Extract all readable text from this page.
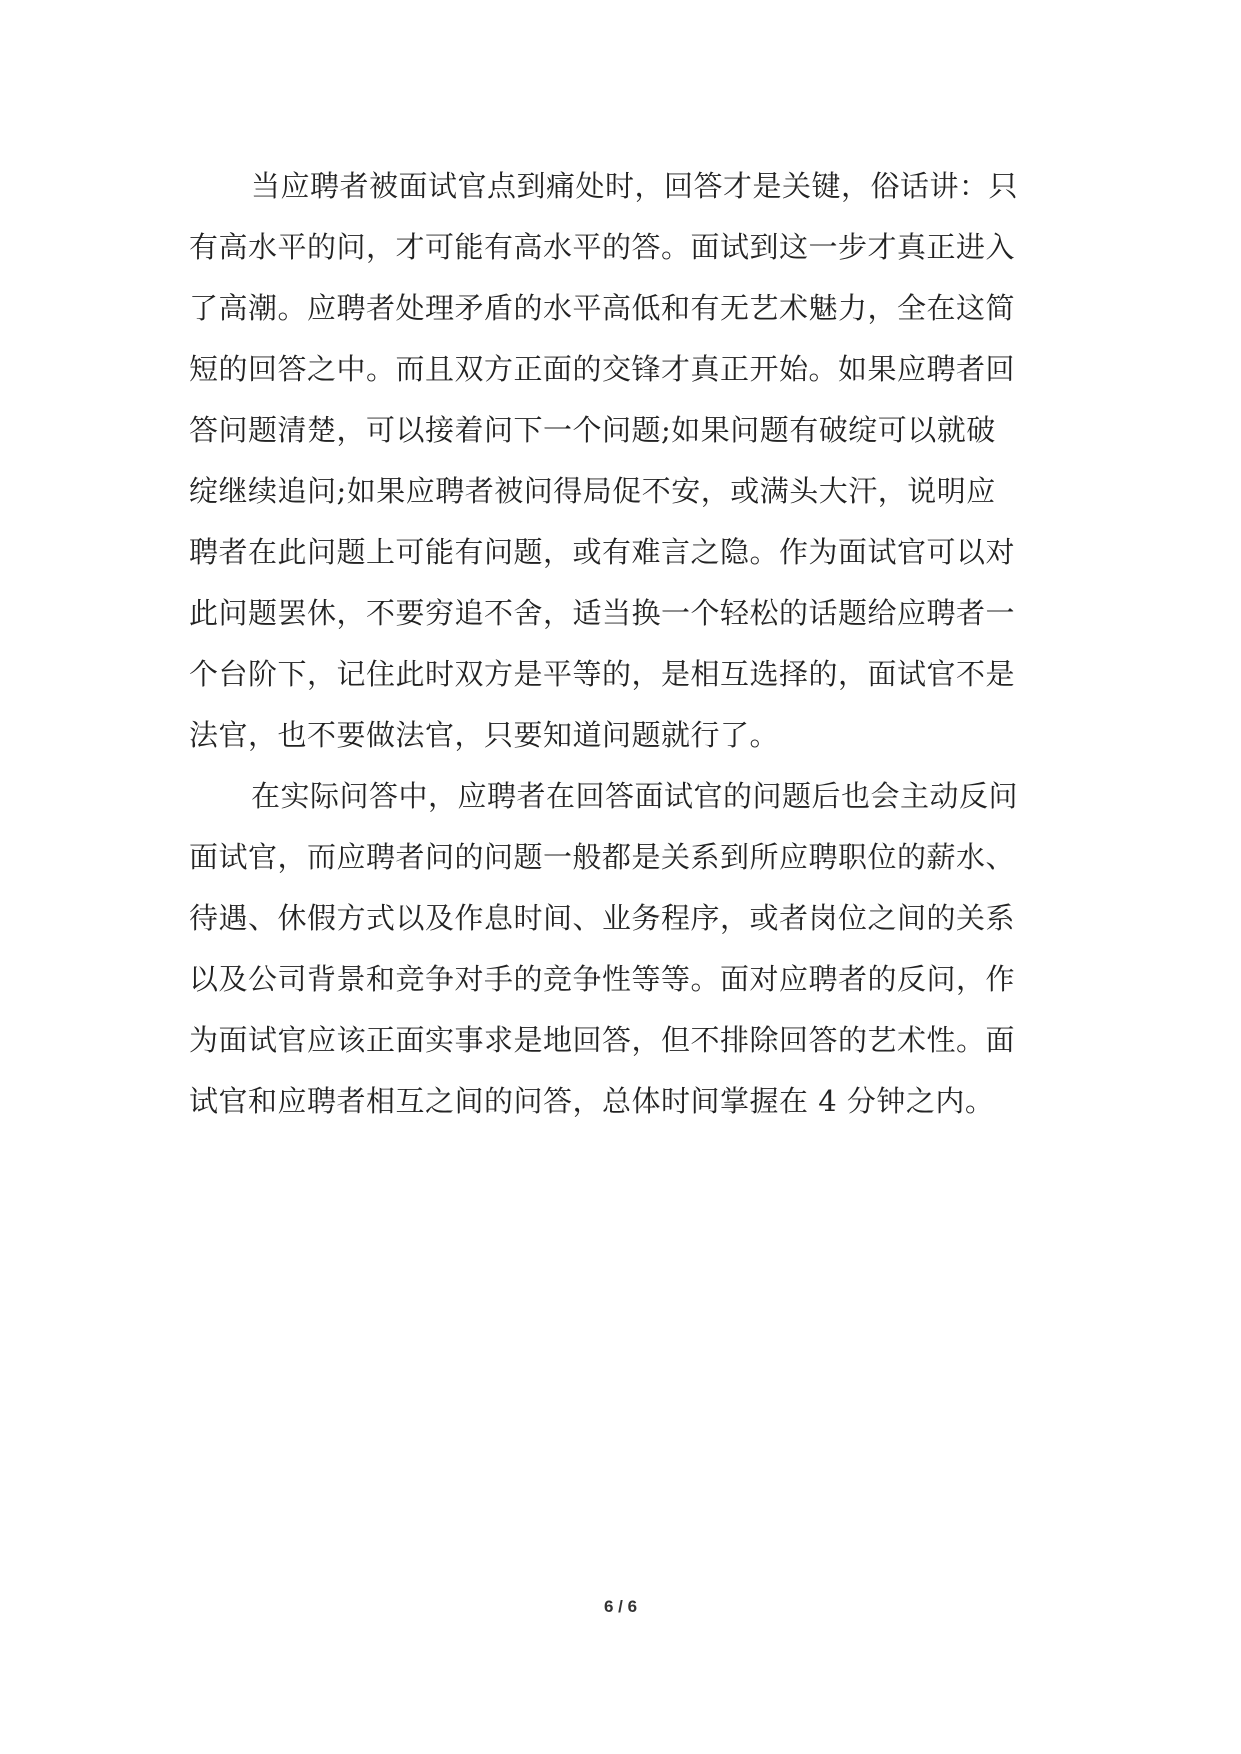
当应聘者被面试官点到痛处时，回答才是关键，俗话讲：只
有高水平的问，才可能有高水平的答。面试到这一步才真正进入
了高潮。应聘者处理矛盾的水平高低和有无艺术魅力，全在这简
短的回答之中。而且双方正面的交锋才真正开始。如果应聘者回
答问题清楚，可以接着问下一个问题;如果问题有破绽可以就破
绽继续追问;如果应聘者被问得局促不安，或满头大汗，说明应
聘者在此问题上可能有问题，或有难言之隐。作为面试官可以对
此问题罢休，不要穷追不舍，适当换一个轻松的话题给应聘者一
个台阶下，记住此时双方是平等的，是相互选择的，面试官不是
法官，也不要做法官，只要知道问题就行了。

在实际问答中，应聘者在回答面试官的问题后也会主动反问
面试官，而应聘者问的问题一般都是关系到所应聘职位的薪水、
待遇、休假方式以及作息时间、业务程序，或者岗位之间的关系
以及公司背景和竞争对手的竞争性等等。面对应聘者的反问，作
为面试官应该正面实事求是地回答，但不排除回答的艺术性。面
试官和应聘者相互之间的问答，总体时间掌握在 4 分钟之内。

6 / 6
